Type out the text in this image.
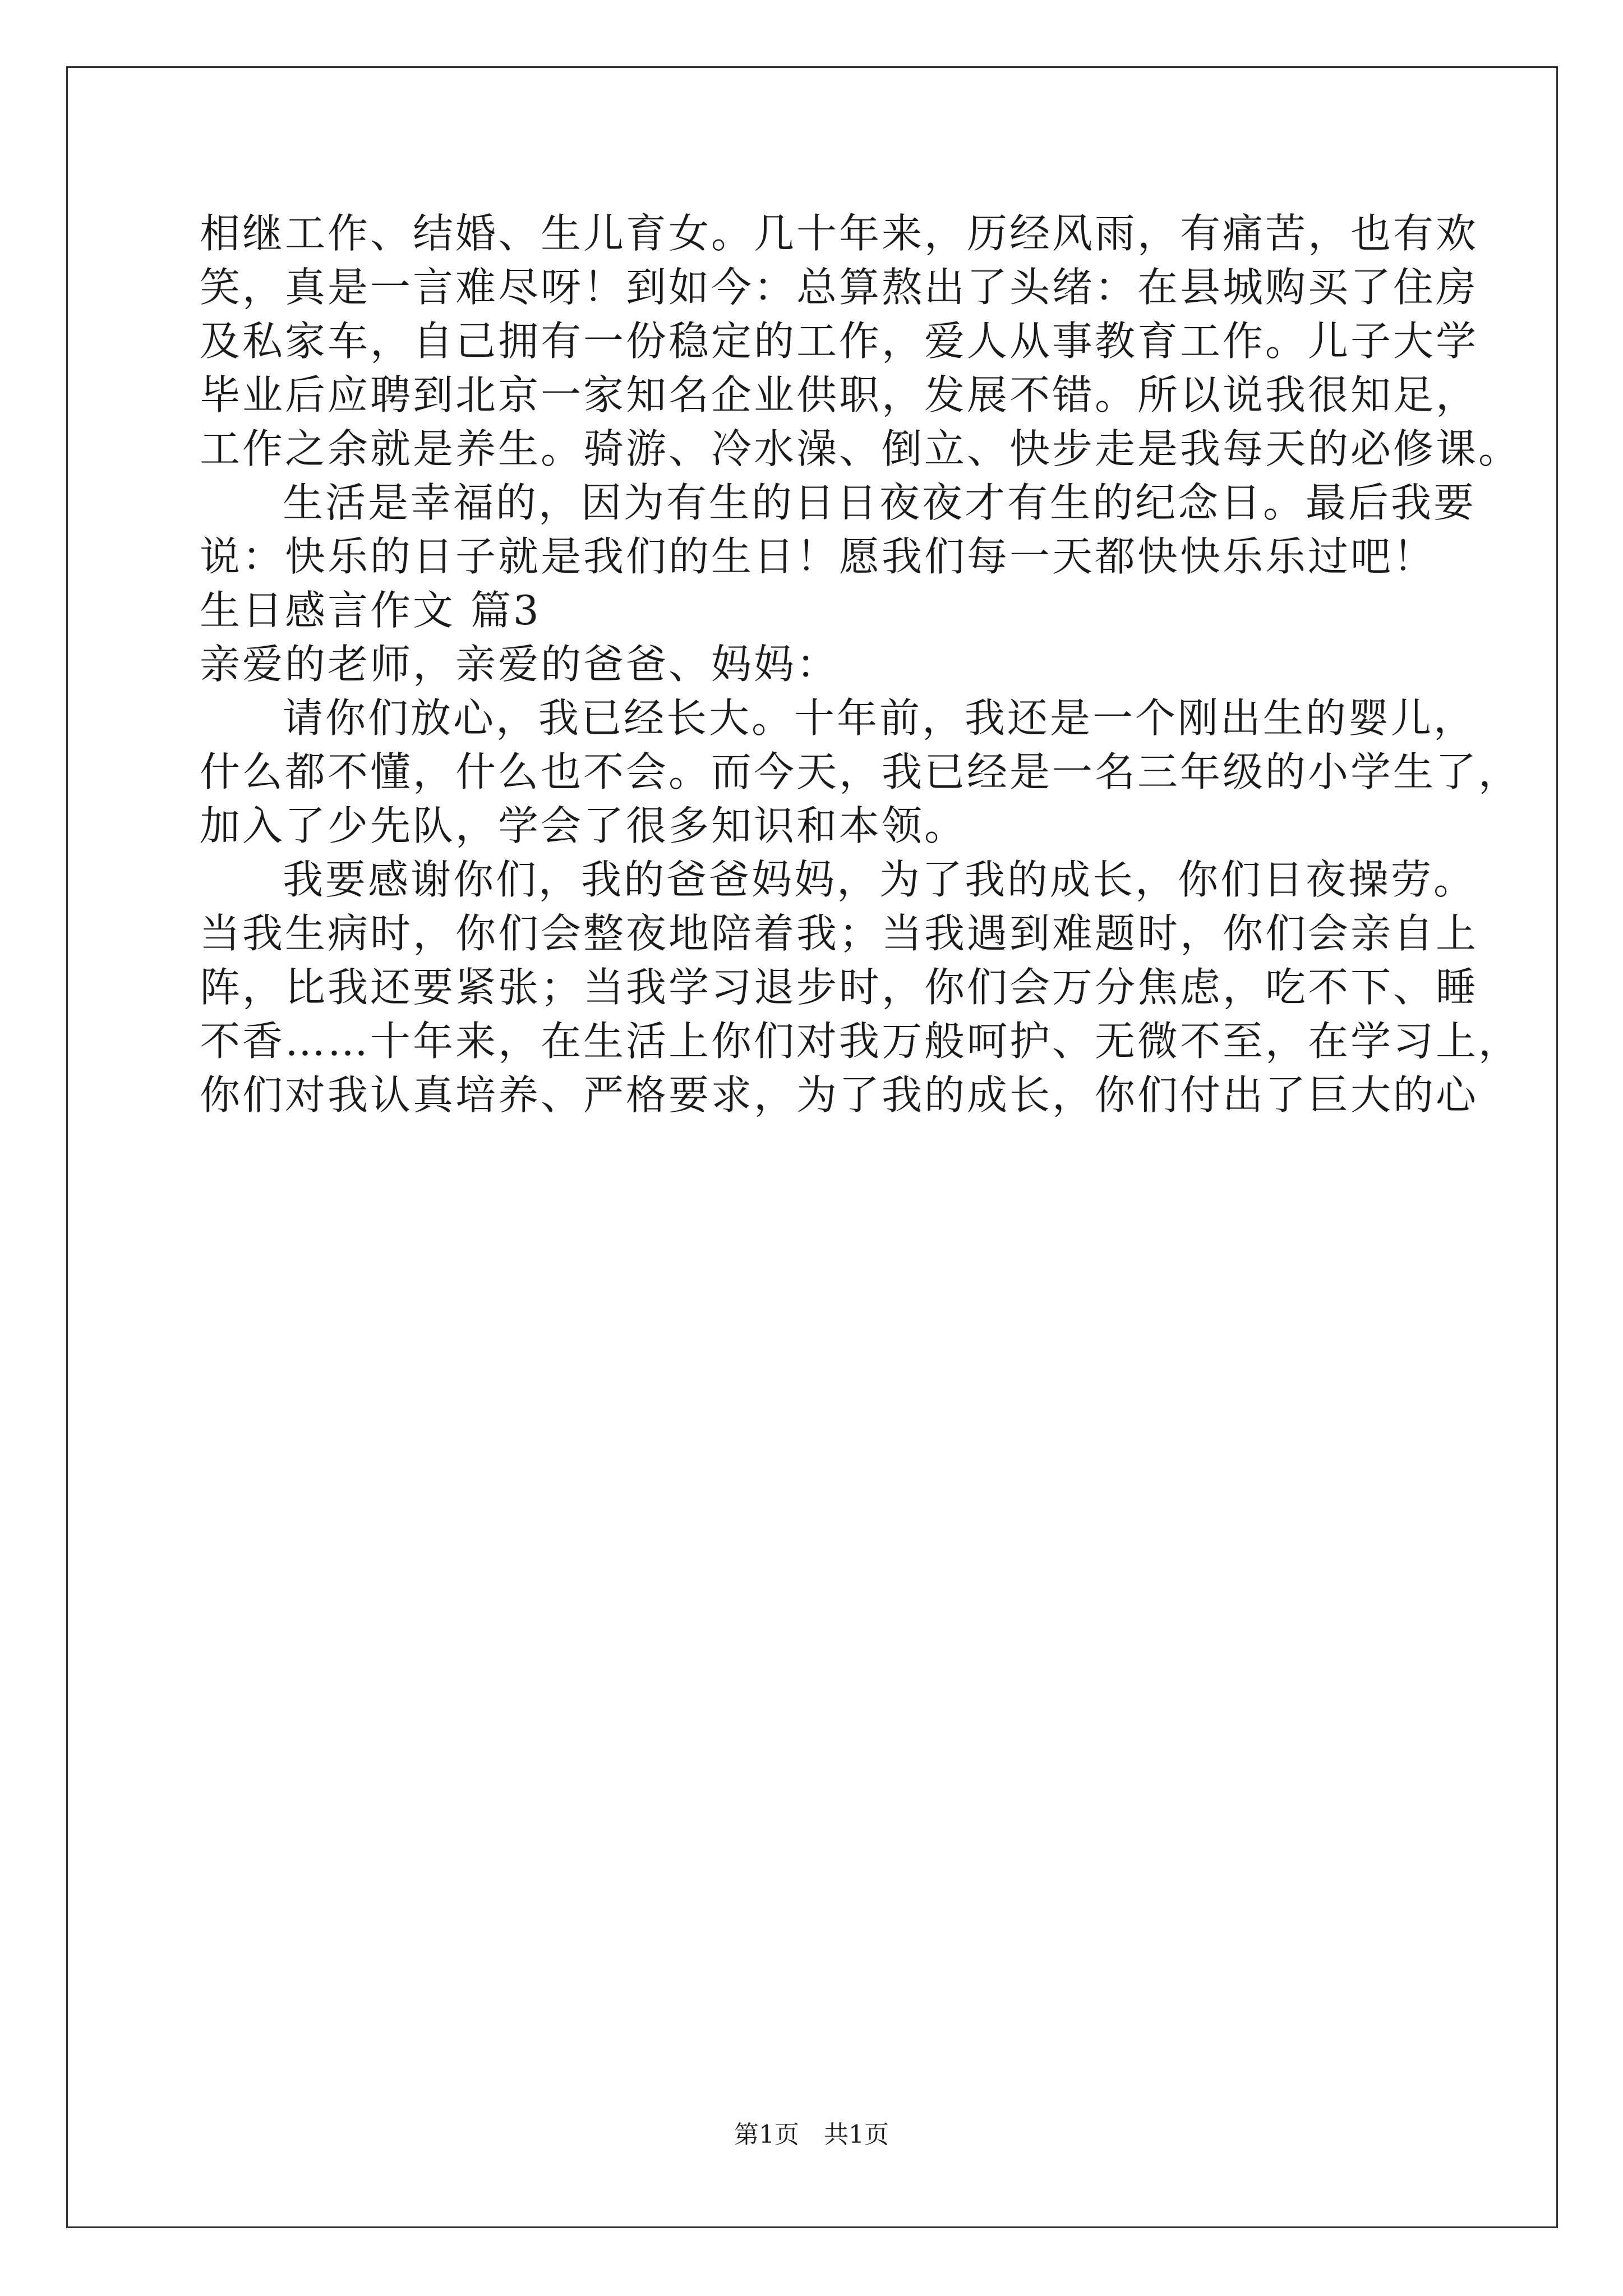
相继工作、结婚、生儿育女。几十年来，历经风雨，有痛苦，也有欢
笑，真是一言难尽呀！到如今：总算熬出了头绪：在县城购买了住房
及私家车，自己拥有一份稳定的工作，爱人从事教育工作。儿子大学
毕业后应聘到北京一家知名企业供职，发展不错。所以说我很知足，
工作之余就是养生。骑游、冷水澡、倒立、快步走是我每天的必修课。
生活是幸福的，因为有生的日日夜夜才有生的纪念日。最后我要
说：快乐的日子就是我们的生日！愿我们每一天都快快乐乐过吧！
生日感言作文 篇3
亲爱的老师，亲爱的爸爸、妈妈：
请你们放心，我已经长大。十年前，我还是一个刚出生的婴儿，
什么都不懂，什么也不会。而今天，我已经是一名三年级的小学生了，
加入了少先队，学会了很多知识和本领。
我要感谢你们，我的爸爸妈妈，为了我的成长，你们日夜操劳。
当我生病时，你们会整夜地陪着我；当我遇到难题时，你们会亲自上
阵，比我还要紧张；当我学习退步时，你们会万分焦虑，吃不下、睡
不香……十年来，在生活上你们对我万般呵护、无微不至，在学习上，
你们对我认真培养、严格要求，为了我的成长，你们付出了巨大的心
第1页 共1页
